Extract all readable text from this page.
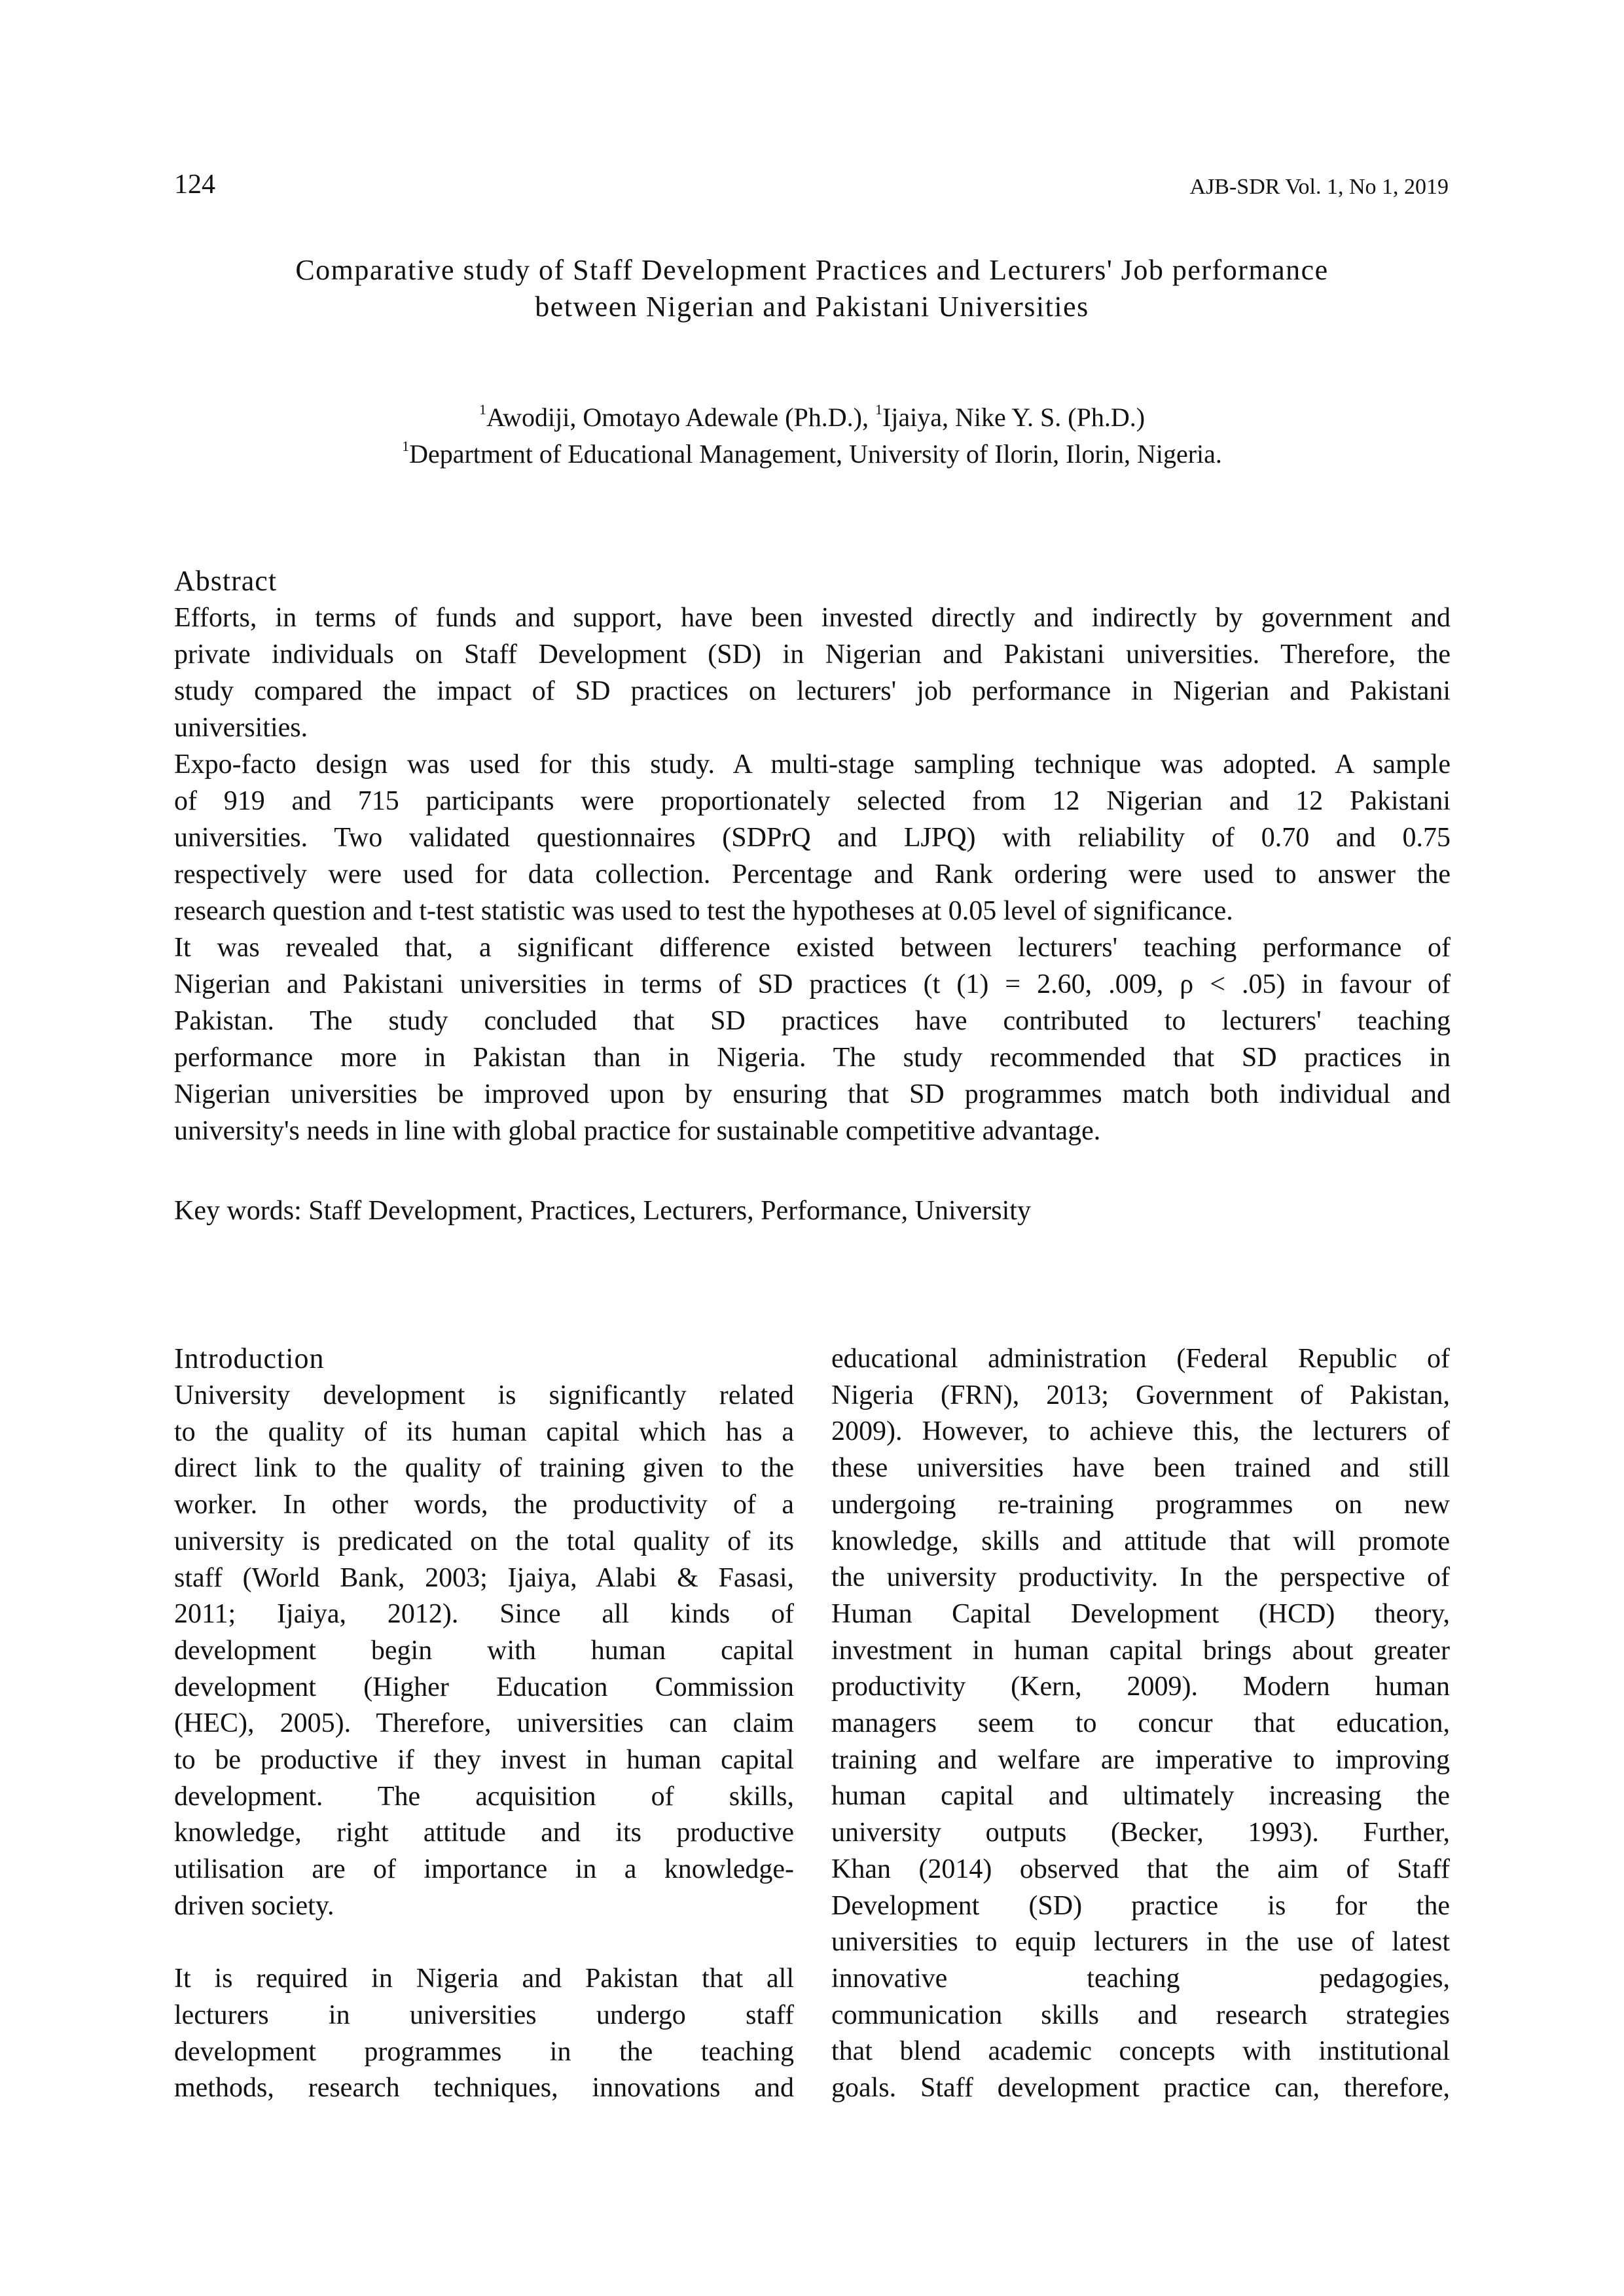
124	AJB-SDR Vol. 1, No 1, 2019
Comparative study of Staff Development Practices and Lecturers' Job performance
between Nigerian and Pakistani Universities
$^1$Awodiji, Omotayo Adewale (Ph.D.), $^1$Ijaiya, Nike Y. S. (Ph.D.)
$^1$Department of Educational Management, University of Ilorin, Ilorin, Nigeria.
Abstract
Efforts, in terms of funds and support, have been invested directly and indirectly by government and
private individuals on Staff Development (SD) in Nigerian and Pakistani universities. Therefore, the
study compared the impact of SD practices on lecturers' job performance in Nigerian and Pakistani
universities.
Expo-facto design was used for this study. A multi-stage sampling technique was adopted. A sample
of 919 and 715 participants were proportionately selected from 12 Nigerian and 12 Pakistani
universities. Two validated questionnaires (SDPrQ and LJPQ) with reliability of 0.70 and 0.75
respectively were used for data collection. Percentage and Rank ordering were used to answer the
research question and t-test statistic was used to test the hypotheses at 0.05 level of significance.
It was revealed that, a significant difference existed between lecturers' teaching performance of
Nigerian and Pakistani universities in terms of SD practices (t (1) = 2.60, .009, ρ < .05) in favour of
Pakistan. The study concluded that SD practices have contributed to lecturers' teaching
performance more in Pakistan than in Nigeria. The study recommended that SD practices in
Nigerian universities be improved upon by ensuring that SD programmes match both individual and
university's needs in line with global practice for sustainable competitive advantage.
Key words: Staff Development, Practices, Lecturers, Performance, University
Introduction
University development is significantly related
to the quality of its human capital which has a
direct link to the quality of training given to the
worker. In other words, the productivity of a
university is predicated on the total quality of its
staff (World Bank, 2003; Ijaiya, Alabi & Fasasi,
2011; Ijaiya, 2012). Since all kinds of
development begin with human capital
development (Higher Education Commission
(HEC), 2005). Therefore, universities can claim
to be productive if they invest in human capital
development. The acquisition of skills,
knowledge, right attitude and its productive
utilisation are of importance in a knowledge-
driven society.
It is required in Nigeria and Pakistan that all
lecturers in universities undergo staff
development programmes in the teaching
methods, research techniques, innovations and
educational administration (Federal Republic of
Nigeria (FRN), 2013; Government of Pakistan,
2009). However, to achieve this, the lecturers of
these universities have been trained and still
undergoing re-training programmes on new
knowledge, skills and attitude that will promote
the university productivity. In the perspective of
Human Capital Development (HCD) theory,
investment in human capital brings about greater
productivity (Kern, 2009). Modern human
managers seem to concur that education,
training and welfare are imperative to improving
human capital and ultimately increasing the
university outputs (Becker, 1993). Further,
Khan (2014) observed that the aim of Staff
Development (SD) practice is for the
universities to equip lecturers in the use of latest
innovative teaching pedagogies,
communication skills and research strategies
that blend academic concepts with institutional
goals. Staff development practice can, therefore,
